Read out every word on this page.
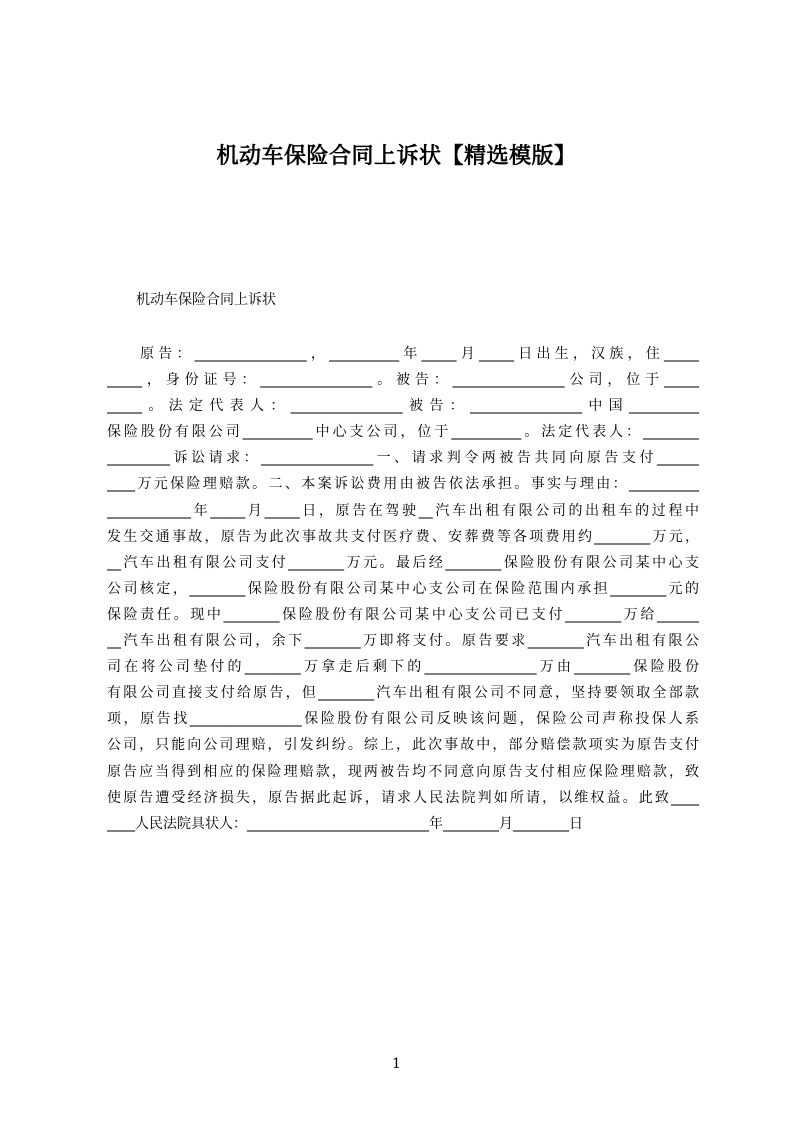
机动车保险合同上诉状【精选模版】

机动车保险合同上诉状

原告：________________，__________年_____月_____日出生，汉族，住_____
_____，身份证号：________________。被告：________________公司，位于_____
_____。法定代表人：________________被告：________________中国__________
保险股份有限公司__________中心支公司，位于__________。法定代表人：________
_________诉讼请求：________________一、请求判令两被告共同向原告支付______
____万元保险理赔款。二、本案诉讼费用由被告依法承担。事实与理由：__________
____________年_____月_____日，原告在驾驶__汽车出租有限公司的出租车的过程中
发生交通事故，原告为此次事故共支付医疗费、安葬费等各项费用约________万元，
__汽车出租有限公司支付________万元。最后经________保险股份有限公司某中心支
公司核定，________保险股份有限公司某中心支公司在保险范围内承担________元的
保险责任。现中________保险股份有限公司某中心支公司已支付________万给______
__汽车出租有限公司，余下________万即将支付。原告要求________汽车出租有限公
司在将公司垫付的________万拿走后剩下的________________万由________保险股份
有限公司直接支付给原告，但________汽车出租有限公司不同意，坚持要领取全部款
项，原告找________________保险股份有限公司反映该问题，保险公司声称投保人系
公司，只能向公司理赔，引发纠纷。综上，此次事故中，部分赔偿款项实为原告支付
原告应当得到相应的保险理赔款，现两被告均不同意向原告支付相应保险理赔款，致
使原告遭受经济损失，原告据此起诉，请求人民法院判如所请，以维权益。此致____
____人民法院具状人：__________________________年________月________日
1
